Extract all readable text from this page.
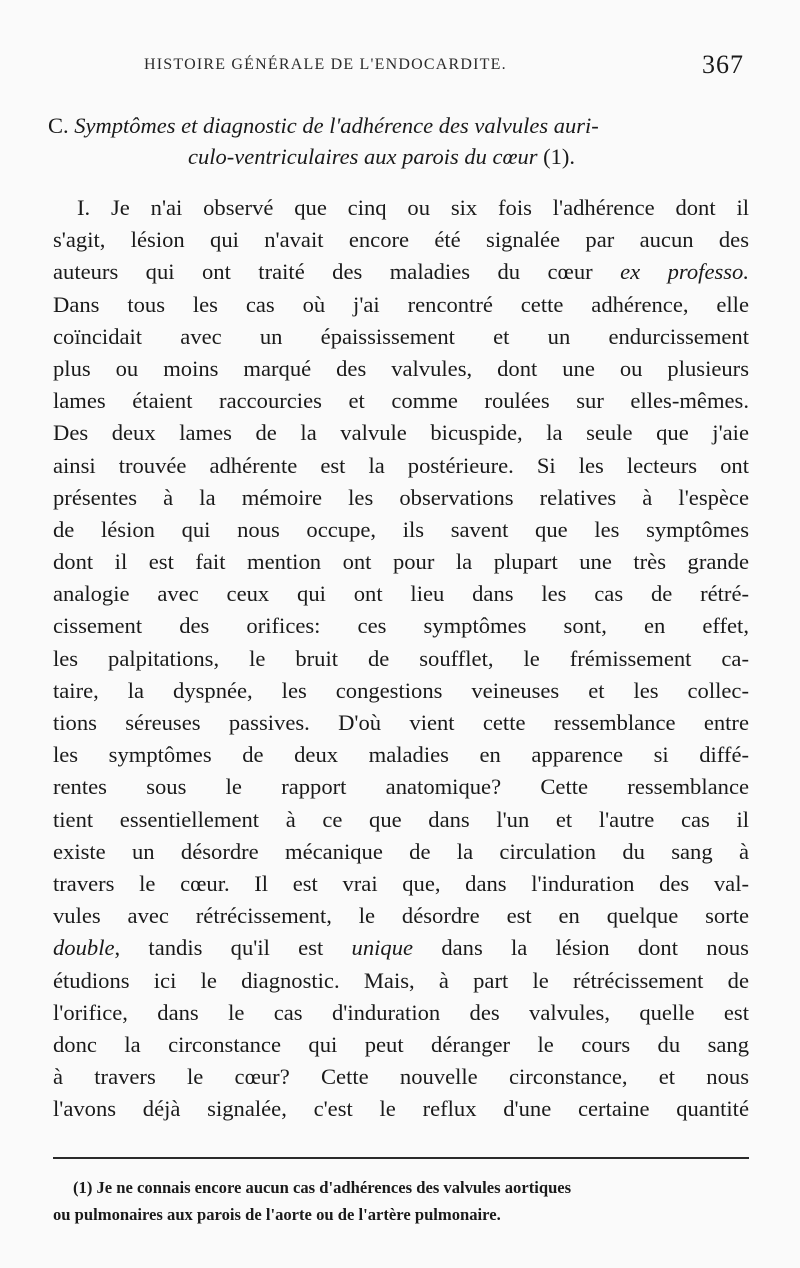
HISTOIRE GÉNÉRALE DE L'ENDOCARDITE.	367
C. Symptômes et diagnostic de l'adhérence des valvules auri-
culo-ventriculaires aux parois du cœur (1).
I. Je n'ai observé que cinq ou six fois l'adhérence dont il
s'agit, lésion qui n'avait encore été signalée par aucun des
auteurs qui ont traité des maladies du cœur ex professo.
Dans tous les cas où j'ai rencontré cette adhérence, elle
coïncidait avec un épaississement et un endurcissement
plus ou moins marqué des valvules, dont une ou plusieurs
lames étaient raccourcies et comme roulées sur elles-mêmes.
Des deux lames de la valvule bicuspide, la seule que j'aie
ainsi trouvée adhérente est la postérieure. Si les lecteurs ont
présentes à la mémoire les observations relatives à l'espèce
de lésion qui nous occupe, ils savent que les symptômes
dont il est fait mention ont pour la plupart une très grande
analogie avec ceux qui ont lieu dans les cas de rétré-
cissement des orifices: ces symptômes sont, en effet,
les palpitations, le bruit de soufflet, le frémissement ca-
taire, la dyspnée, les congestions veineuses et les collec-
tions séreuses passives. D'où vient cette ressemblance entre
les symptômes de deux maladies en apparence si diffé-
rentes sous le rapport anatomique? Cette ressemblance
tient essentiellement à ce que dans l'un et l'autre cas il
existe un désordre mécanique de la circulation du sang à
travers le cœur. Il est vrai que, dans l'induration des val-
vules avec rétrécissement, le désordre est en quelque sorte
double, tandis qu'il est unique dans la lésion dont nous
étudions ici le diagnostic. Mais, à part le rétrécissement de
l'orifice, dans le cas d'induration des valvules, quelle est
donc la circonstance qui peut déranger le cours du sang
à travers le cœur? Cette nouvelle circonstance, et nous
l'avons déjà signalée, c'est le reflux d'une certaine quantité
(1) Je ne connais encore aucun cas d'adhérences des valvules aortiques
ou pulmonaires aux parois de l'aorte ou de l'artère pulmonaire.
